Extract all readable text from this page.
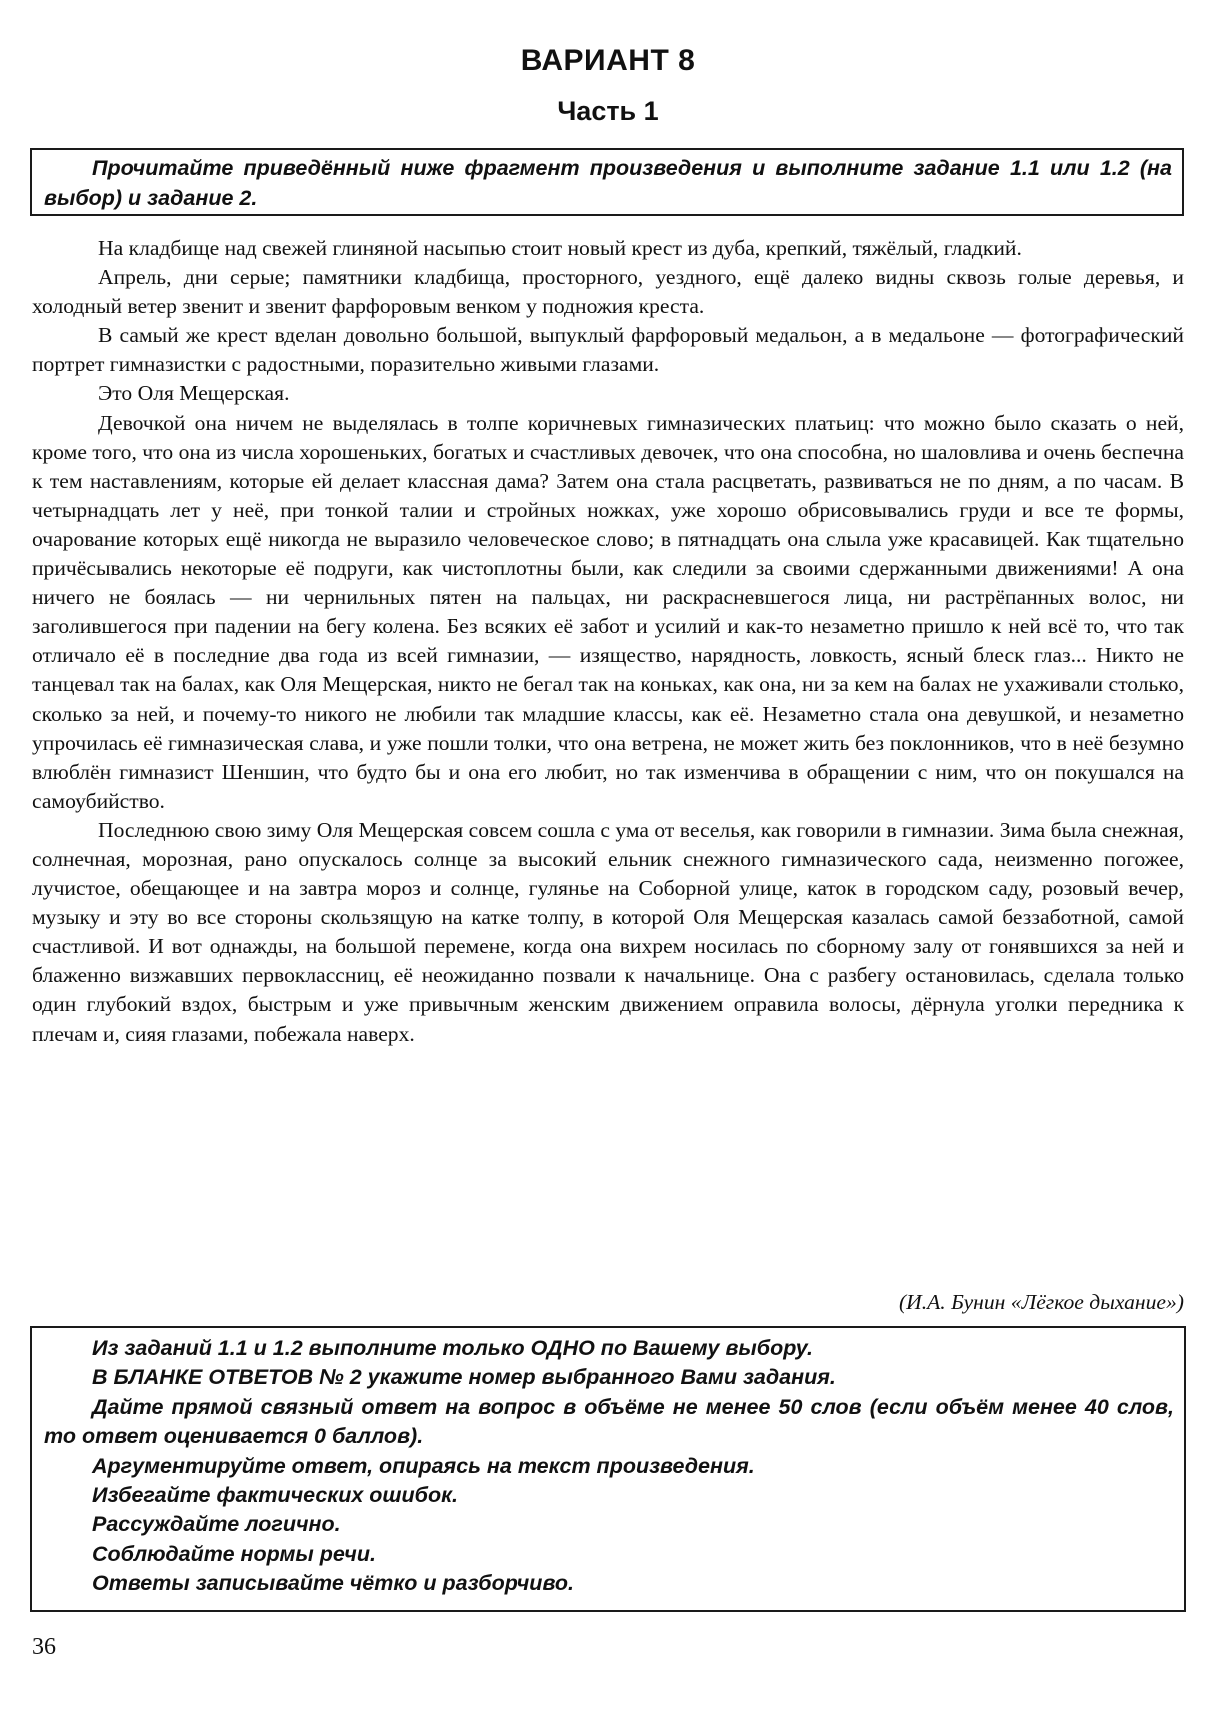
ВАРИАНТ 8
Часть 1
Прочитайте приведённый ниже фрагмент произведения и выполните задание 1.1 или 1.2 (на выбор) и задание 2.

На кладбище над свежей глиняной насыпью стоит новый крест из дуба, крепкий, тяжёлый, гладкий.

Апрель, дни серые; памятники кладбища, просторного, уездного, ещё далеко видны сквозь голые деревья, и холодный ветер звенит и звенит фарфоровым венком у подножия креста.

В самый же крест вделан довольно большой, выпуклый фарфоровый медальон, а в медальоне — фотографический портрет гимназистки с радостными, поразительно живыми глазами.

Это Оля Мещерская.

Девочкой она ничем не выделялась в толпе коричневых гимназических платьиц: что можно было сказать о ней, кроме того, что она из числа хорошеньких, богатых и счастливых девочек, что она способна, но шаловлива и очень беспечна к тем наставлениям, которые ей делает классная дама? Затем она стала расцветать, развиваться не по дням, а по часам. В четырнадцать лет у неё, при тонкой талии и стройных ножках, уже хорошо обрисовывались груди и все те формы, очарование которых ещё никогда не выразило человеческое слово; в пятнадцать она слыла уже красавицей. Как тщательно причёсывались некоторые её подруги, как чистоплотны были, как следили за своими сдержанными движениями! А она ничего не боялась — ни чернильных пятен на пальцах, ни раскрасневшегося лица, ни растрёпанных волос, ни заголившегося при падении на бегу колена. Без всяких её забот и усилий и как-то незаметно пришло к ней всё то, что так отличало её в последние два года из всей гимназии, — изящество, нарядность, ловкость, ясный блеск глаз... Никто не танцевал так на балах, как Оля Мещерская, никто не бегал так на коньках, как она, ни за кем на балах не ухаживали столько, сколько за ней, и почему-то никого не любили так младшие классы, как её. Незаметно стала она девушкой, и незаметно упрочилась её гимназическая слава, и уже пошли толки, что она ветрена, не может жить без поклонников, что в неё безумно влюблён гимназист Шеншин, что будто бы и она его любит, но так изменчива в обращении с ним, что он покушался на самоубийство.

Последнюю свою зиму Оля Мещерская совсем сошла с ума от веселья, как говорили в гимназии. Зима была снежная, солнечная, морозная, рано опускалось солнце за высокий ельник снежного гимназического сада, неизменно погожее, лучистое, обещающее и на завтра мороз и солнце, гулянье на Соборной улице, каток в городском саду, розовый вечер, музыку и эту во все стороны скользящую на катке толпу, в которой Оля Мещерская казалась самой беззаботной, самой счастливой. И вот однажды, на большой перемене, когда она вихрем носилась по сборному залу от гонявшихся за ней и блаженно визжавших первоклассниц, её неожиданно позвали к начальнице. Она с разбегу остановилась, сделала только один глубокий вздох, быстрым и уже привычным женским движением оправила волосы, дёрнула уголки передника к плечам и, сияя глазами, побежала наверх.

(И.А. Бунин «Лёгкое дыхание»)
Из заданий 1.1 и 1.2 выполните только ОДНО по Вашему выбору.
В БЛАНКЕ ОТВЕТОВ № 2 укажите номер выбранного Вами задания.
Дайте прямой связный ответ на вопрос в объёме не менее 50 слов (если объём менее 40 слов, то ответ оценивается 0 баллов).
Аргументируйте ответ, опираясь на текст произведения.
Избегайте фактических ошибок.
Рассуждайте логично.
Соблюдайте нормы речи.
Ответы записывайте чётко и разборчиво.
36
